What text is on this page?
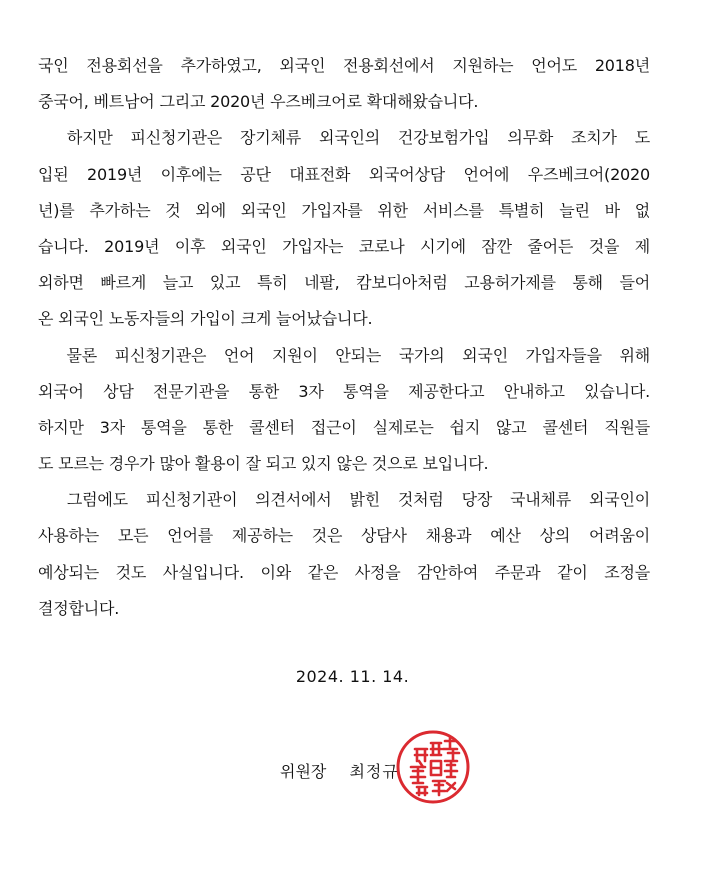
국인 전용회선을 추가하였고, 외국인 전용회선에서 지원하는 언어도 2018년
중국어, 베트남어 그리고 2020년 우즈베크어로 확대해왔습니다.
　하지만 피신청기관은 장기체류 외국인의 건강보험가입 의무화 조치가 도
입된 2019년 이후에는 공단 대표전화 외국어상담 언어에 우즈베크어(2020
년)를 추가하는 것 외에 외국인 가입자를 위한 서비스를 특별히 늘린 바 없
습니다. 2019년 이후 외국인 가입자는 코로나 시기에 잠깐 줄어든 것을 제
외하면 빠르게 늘고 있고 특히 네팔, 캄보디아처럼 고용허가제를 통해 들어
온 외국인 노동자들의 가입이 크게 늘어났습니다.
　물론 피신청기관은 언어 지원이 안되는 국가의 외국인 가입자들을 위해
외국어 상담 전문기관을 통한 3자 통역을 제공한다고 안내하고 있습니다.
하지만 3자 통역을 통한 콜센터 접근이 실제로는 쉽지 않고 콜센터 직원들
도 모르는 경우가 많아 활용이 잘 되고 있지 않은 것으로 보입니다.
　그럼에도 피신청기관이 의견서에서 밝힌 것처럼 당장 국내체류 외국인이
사용하는 모든 언어를 제공하는 것은 상담사 채용과 예산 상의 어려움이
예상되는 것도 사실입니다. 이와 같은 사정을 감안하여 주문과 같이 조정을
결정합니다.
2024. 11. 14.
위원장 최정규
